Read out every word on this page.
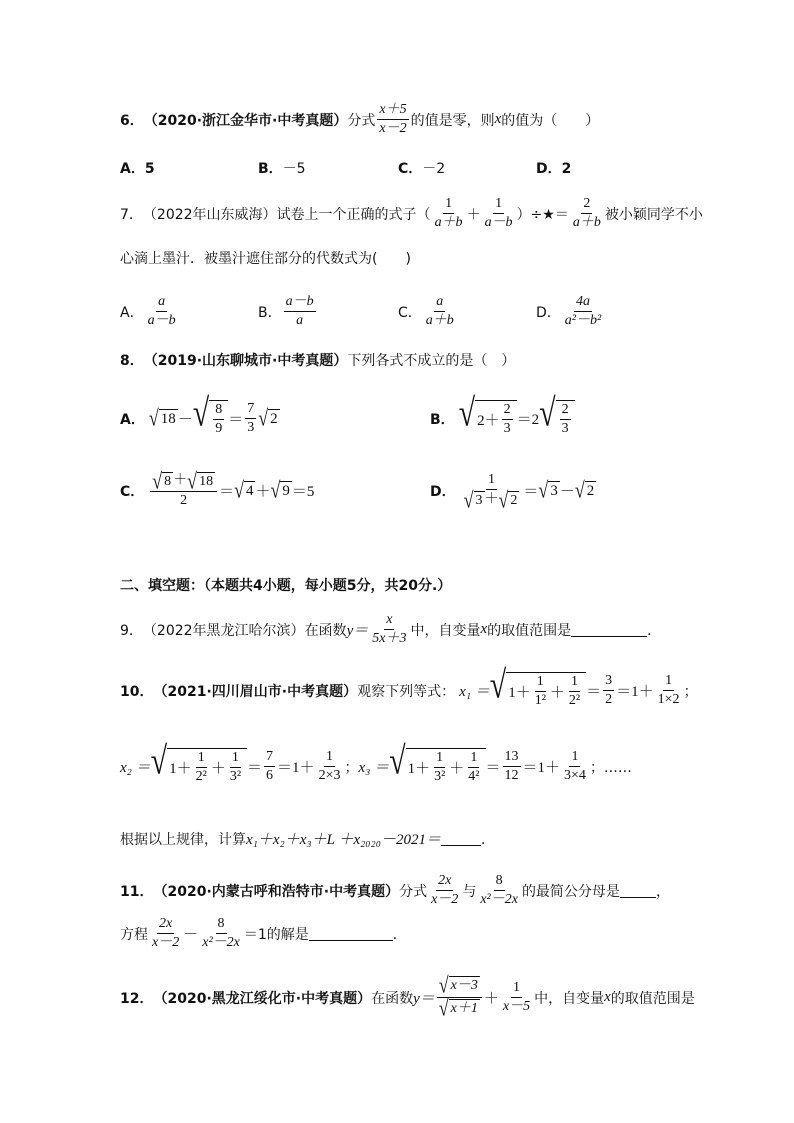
6． （2020·浙江金华市·中考真题） 分式 $\frac{x+5}{x-2}$ 的值是零，则 x 的值为（　　）
A．5	B．－5	C．－2	D．2
7． （2022年山东威海） 试卷上一个正确的式子（ $\frac{1}{a+b} + \frac{1}{a-b}$ ）÷★＝ $\frac{2}{a+b}$ 被小颖同学不小
心滴上墨汁．被墨汁遮住部分的代数式为(　　)
A． $\frac{a}{a-b}$	B． $\frac{a-b}{a}$	C． $\frac{a}{a+b}$	D． $\frac{4a}{\text{a²－b²}}$
8． （2019·山东聊城市·中考真题） 下列各式不成立的是（　）
A． √ 18 － √ $\frac{8}{9} = \frac{7}{3}$ √ 2	B． √ $2+ \frac{2}{3} =2$ √ $\frac{2}{3}$
C． $\frac{√ 8 + √ 18}{2}$ ＝ √ 4 ＋ √ 9 ＝5	D． $\frac{1}{√ 3 + √ 2}$ ＝ √ 3 － √ 2
二、填空题：（本题共4小题，每小题5分，共20分.）
9． （2022年黑龙江哈尔滨） 在函数 $y= \frac{x}{5x+3}$ 中，自变量 x 的取值范围是	．
10． （2021·四川眉山市·中考真题） 观察下列等式： x₁ ＝ √ $1+ \frac{1}{\text{1²}} + \frac{1}{\text{2²}} = \frac{3}{2} =1+ \frac{1}{1\times 2}$ ；
x₂ ＝ √ $1+ \frac{1}{\text{2²}} + \frac{1}{\text{3²}} = \frac{7}{6} =1+ \frac{1}{2\times 3}$ ； x₃ ＝ √ $1+ \frac{1}{\text{3²}} + \frac{1}{\text{4²}} = \frac{13}{12} =1+ \frac{1}{3\times 4}$ ；……
根据以上规律，计算 x₁＋x₂＋x₃＋L ＋x₂₀₂₀－2021＝	．
11． （2020·内蒙古呼和浩特市·中考真题） 分式 $\frac{2x}{x-2}$ 与 $\frac{8}{\text{x²－2x}}$ 的最简公分母是	，
方程 $\frac{2x}{x-2} - \frac{8}{\text{x²－2x}} =1$的解是	．
12． （2020·黑龙江绥化市·中考真题） 在函数 $y= \frac{√ x-3}{√ x+1} + \frac{1}{x-5}$ 中，自变量 x 的取值范围是
